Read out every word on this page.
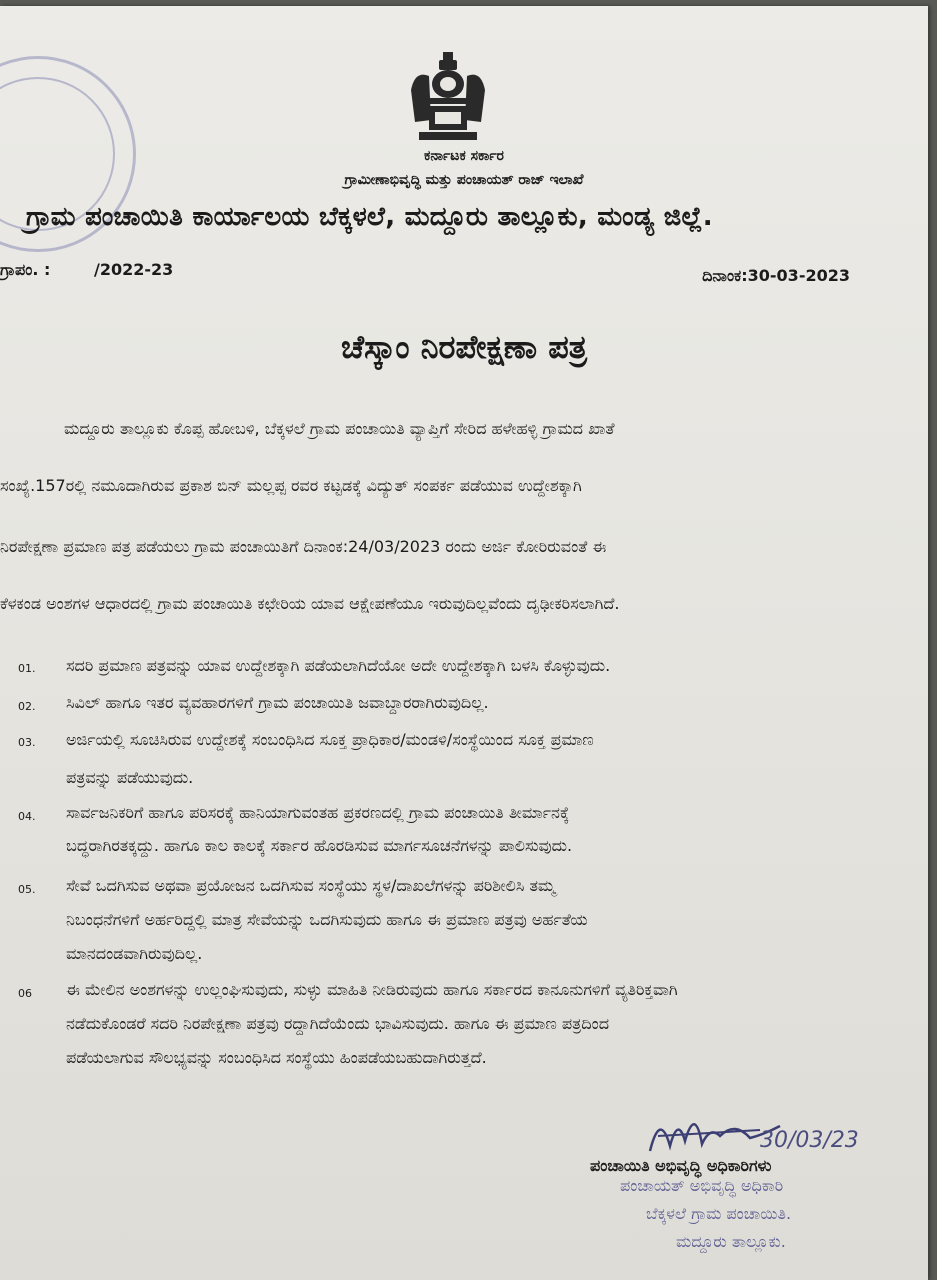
ಕರ್ನಾಟಕ ಸರ್ಕಾರ
ಗ್ರಾಮೀಣಾಭಿವೃದ್ಧಿ ಮತ್ತು ಪಂಚಾಯತ್ ರಾಜ್ ಇಲಾಖೆ
ಗ್ರಾಮ ಪಂಚಾಯಿತಿ ಕಾರ್ಯಾಲಯ ಬೆಕ್ಕಳಲೆ, ಮದ್ದೂರು ತಾಲ್ಲೂಕು, ಮಂಡ್ಯ ಜಿಲ್ಲೆ.
ಗ್ರಾಪಂ. :	/2022-23	ದಿನಾಂಕ:30-03-2023
ಚೆಸ್ಕಾಂ ನಿರಪೇಕ್ಷಣಾ ಪತ್ರ
ಮದ್ದೂರು ತಾಲ್ಲೂಕು ಕೊಪ್ಪ ಹೋಬಳಿ, ಬೆಕ್ಕಳಲೆ ಗ್ರಾಮ ಪಂಚಾಯಿತಿ ವ್ಯಾಪ್ತಿಗೆ ಸೇರಿದ ಹಳೇಹಳ್ಳಿ ಗ್ರಾಮದ ಖಾತೆ
ಸಂಖ್ಯೆ.157ರಲ್ಲಿ ನಮೂದಾಗಿರುವ ಪ್ರಕಾಶ ಬಿನ್ ಮಲ್ಲಪ್ಪ ರವರ ಕಟ್ಟಡಕ್ಕೆ ವಿದ್ಯುತ್ ಸಂಪರ್ಕ ಪಡೆಯುವ ಉದ್ದೇಶಕ್ಕಾಗಿ
ನಿರಪೇಕ್ಷಣಾ ಪ್ರಮಾಣ ಪತ್ರ ಪಡೆಯಲು ಗ್ರಾಮ ಪಂಚಾಯಿತಿಗೆ ದಿನಾಂಕ:24/03/2023 ರಂದು ಅರ್ಜಿ ಕೋರಿರುವಂತೆ ಈ
ಕೆಳಕಂಡ ಅಂಶಗಳ ಆಧಾರದಲ್ಲಿ ಗ್ರಾಮ ಪಂಚಾಯಿತಿ ಕಛೇರಿಯ ಯಾವ ಆಕ್ಷೇಪಣೆಯೂ ಇರುವುದಿಲ್ಲವೆಂದು ದೃಢೀಕರಿಸಲಾಗಿದೆ.
01. ಸದರಿ ಪ್ರಮಾಣ ಪತ್ರವನ್ನು ಯಾವ ಉದ್ದೇಶಕ್ಕಾಗಿ ಪಡೆಯಲಾಗಿದೆಯೋ ಅದೇ ಉದ್ದೇಶಕ್ಕಾಗಿ ಬಳಸಿ ಕೊಳ್ಳುವುದು.
02. ಸಿವಿಲ್ ಹಾಗೂ ಇತರ ವ್ಯವಹಾರಗಳಿಗೆ ಗ್ರಾಮ ಪಂಚಾಯಿತಿ ಜವಾಬ್ದಾರರಾಗಿರುವುದಿಲ್ಲ.
03. ಅರ್ಜಿಯಲ್ಲಿ ಸೂಚಿಸಿರುವ ಉದ್ದೇಶಕ್ಕೆ ಸಂಬಂಧಿಸಿದ ಸೂಕ್ತ ಪ್ರಾಧಿಕಾರ/ಮಂಡಳಿ/ಸಂಸ್ಥೆಯಿಂದ ಸೂಕ್ತ ಪ್ರಮಾಣ
ಪತ್ರವನ್ನು ಪಡೆಯುವುದು.
04. ಸಾರ್ವಜನಿಕರಿಗೆ ಹಾಗೂ ಪರಿಸರಕ್ಕೆ ಹಾನಿಯಾಗುವಂತಹ ಪ್ರಕರಣದಲ್ಲಿ ಗ್ರಾಮ ಪಂಚಾಯಿತಿ ತೀರ್ಮಾನಕ್ಕೆ
ಬದ್ಧರಾಗಿರತಕ್ಕದ್ದು. ಹಾಗೂ ಕಾಲ ಕಾಲಕ್ಕೆ ಸರ್ಕಾರ ಹೊರಡಿಸುವ ಮಾರ್ಗಸೂಚನೆಗಳನ್ನು ಪಾಲಿಸುವುದು.
05. ಸೇವೆ ಒದಗಿಸುವ ಅಥವಾ ಪ್ರಯೋಜನ ಒದಗಿಸುವ ಸಂಸ್ಥೆಯು ಸ್ಥಳ/ದಾಖಲೆಗಳನ್ನು ಪರಿಶೀಲಿಸಿ ತಮ್ಮ
ನಿಬಂಧನೆಗಳಿಗೆ ಅರ್ಹರಿದ್ದಲ್ಲಿ ಮಾತ್ರ ಸೇವೆಯನ್ನು ಒದಗಿಸುವುದು ಹಾಗೂ ಈ ಪ್ರಮಾಣ ಪತ್ರವು ಅರ್ಹತೆಯ
ಮಾನದಂಡವಾಗಿರುವುದಿಲ್ಲ.
06 ಈ ಮೇಲಿನ ಅಂಶಗಳನ್ನು ಉಲ್ಲಂಘಿಸುವುದು, ಸುಳ್ಳು ಮಾಹಿತಿ ನೀಡಿರುವುದು ಹಾಗೂ ಸರ್ಕಾರದ ಕಾನೂನುಗಳಿಗೆ ವ್ಯತಿರಿಕ್ತವಾಗಿ
ನಡೆದುಕೊಂಡರೆ ಸದರಿ ನಿರಪೇಕ್ಷಣಾ ಪತ್ರವು ರದ್ದಾಗಿದೆಯೆಂದು ಭಾವಿಸುವುದು. ಹಾಗೂ ಈ ಪ್ರಮಾಣ ಪತ್ರದಿಂದ
ಪಡೆಯಲಾಗುವ ಸೌಲಭ್ಯವನ್ನು ಸಂಬಂಧಿಸಿದ ಸಂಸ್ಥೆಯು ಹಿಂಪಡೆಯಬಹುದಾಗಿರುತ್ತದೆ.
30/03/23
ಪಂಚಾಯಿತಿ ಅಭಿವೃದ್ಧಿ ಅಧಿಕಾರಿಗಳು
ಪಂಚಾಯತ್ ಅಭಿವೃದ್ಧಿ ಅಧಿಕಾರಿ
ಬೆಕ್ಕಳಲೆ ಗ್ರಾಮ ಪಂಚಾಯಿತಿ.
ಮದ್ದೂರು ತಾಲ್ಲೂಕು.
